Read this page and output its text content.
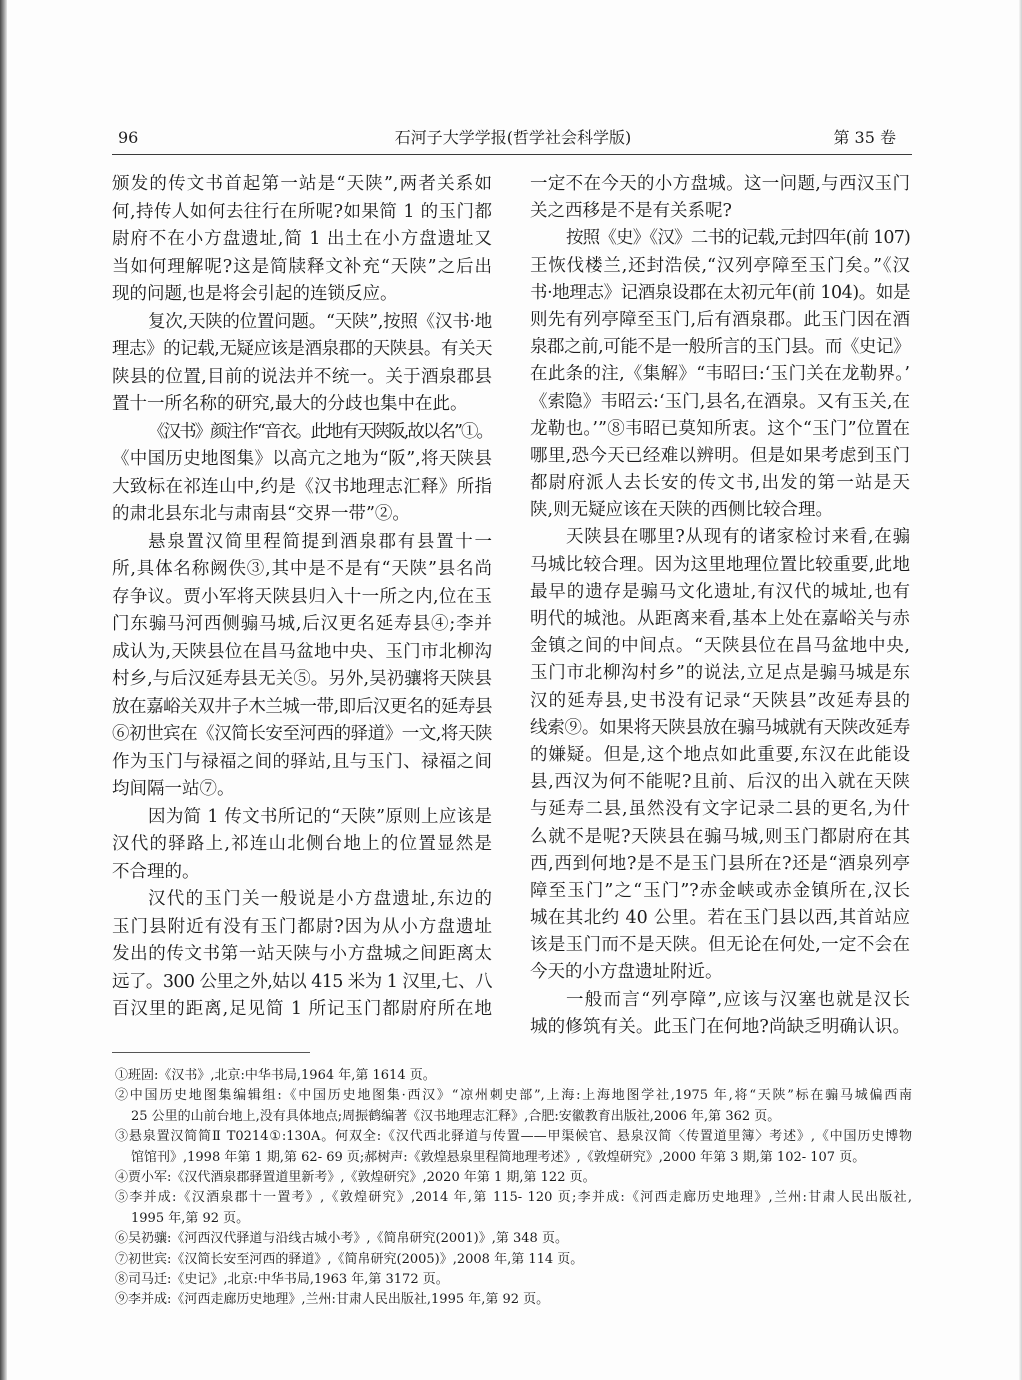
96	石河子大学学报(哲学社会科学版)	第 35 卷
颁发的传文书首起第一站是“天陕”,两者关系如
何,持传人如何去往行在所呢?如果简 1 的玉门都
尉府不在小方盘遗址,简 1 出土在小方盘遗址又
当如何理解呢?这是简牍释文补充“天陕”之后出
现的问题,也是将会引起的连锁反应。
复次,天陕的位置问题。“天陕”,按照《汉书·地
理志》的记载,无疑应该是酒泉郡的天陕县。有关天
陕县的位置,目前的说法并不统一。关于酒泉郡县
置十一所名称的研究,最大的分歧也集中在此。
《汉书》颜注作“音衣。此地有天陕阪,故以名”①。
《中国历史地图集》以高亢之地为“阪”,将天陕县
大致标在祁连山中,约是《汉书地理志汇释》所指
的肃北县东北与肃南县“交界一带”②。
悬泉置汉简里程简提到酒泉郡有县置十一
所,具体名称阙佚③,其中是不是有“天陕”县名尚
存争议。贾小军将天陕县归入十一所之内,位在玉
门东骟马河西侧骟马城,后汉更名延寿县④;李并
成认为,天陕县位在昌马盆地中央、玉门市北柳沟
村乡,与后汉延寿县无关⑤。另外,吴礽骧将天陕县
放在嘉峪关双井子木兰城一带,即后汉更名的延寿县
⑥初世宾在《汉简长安至河西的驿道》一文,将天陕
作为玉门与禄福之间的驿站,且与玉门、禄福之间
均间隔一站⑦。
因为简 1 传文书所记的“天陕”原则上应该是
汉代的驿路上,祁连山北侧台地上的位置显然是
不合理的。
汉代的玉门关一般说是小方盘遗址,东边的
玉门县附近有没有玉门都尉?因为从小方盘遗址
发出的传文书第一站天陕与小方盘城之间距离太
远了。300 公里之外,姑以 415 米为 1 汉里,七、八
百汉里的距离,足见简 1 所记玉门都尉府所在地
一定不在今天的小方盘城。这一问题,与西汉玉门
关之西移是不是有关系呢?
按照《史》《汉》二书的记载,元封四年(前 107)
王恢伐楼兰,还封浩侯,“汉列亭障至玉门矣。”《汉
书·地理志》记酒泉设郡在太初元年(前 104)。如是
则先有列亭障至玉门,后有酒泉郡。此玉门因在酒
泉郡之前,可能不是一般所言的玉门县。而《史记》
在此条的注,《集解》“韦昭曰:‘玉门关在龙勒界。’
《索隐》韦昭云:‘玉门,县名,在酒泉。又有玉关,在
龙勒也。’”⑧韦昭已莫知所衷。这个“玉门”位置在
哪里,恐今天已经难以辨明。但是如果考虑到玉门
都尉府派人去长安的传文书,出发的第一站是天
陕,则无疑应该在天陕的西侧比较合理。
天陕县在哪里?从现有的诸家检讨来看,在骟
马城比较合理。因为这里地理位置比较重要,此地
最早的遗存是骟马文化遗址,有汉代的城址,也有
明代的城池。从距离来看,基本上处在嘉峪关与赤
金镇之间的中间点。“天陕县位在昌马盆地中央,
玉门市北柳沟村乡”的说法,立足点是骟马城是东
汉的延寿县,史书没有记录“天陕县”改延寿县的
线索⑨。如果将天陕县放在骟马城就有天陕改延寿
的嫌疑。但是,这个地点如此重要,东汉在此能设
县,西汉为何不能呢?且前、后汉的出入就在天陕
与延寿二县,虽然没有文字记录二县的更名,为什
么就不是呢?天陕县在骟马城,则玉门都尉府在其
西,西到何地?是不是玉门县所在?还是“酒泉列亭
障至玉门”之“玉门”?赤金峡或赤金镇所在,汉长
城在其北约 40 公里。若在玉门县以西,其首站应
该是玉门而不是天陕。但无论在何处,一定不会在
今天的小方盘遗址附近。
一般而言“列亭障”,应该与汉塞也就是汉长
城的修筑有关。此玉门在何地?尚缺乏明确认识。
①班固:《汉书》,北京:中华书局,1964 年,第 1614 页。
②中国历史地图集编辑组:《中国历史地图集·西汉》“凉州刺史部”,上海:上海地图学社,1975 年,将“天陕”标在骟马城偏西南
25 公里的山前台地上,没有具体地点;周振鹤编著《汉书地理志汇释》,合肥:安徽教育出版社,2006 年,第 362 页。
③悬泉置汉简简Ⅱ T0214①:130A。何双全:《汉代西北驿道与传置——甲渠候官、悬泉汉简〈传置道里簿〉考述》,《中国历史博物
馆馆刊》,1998 年第 1 期,第 62- 69 页;郝树声:《敦煌悬泉里程简地理考述》,《敦煌研究》,2000 年第 3 期,第 102- 107 页。
④贾小军:《汉代酒泉郡驿置道里新考》,《敦煌研究》,2020 年第 1 期,第 122 页。
⑤李并成:《汉酒泉郡十一置考》,《敦煌研究》,2014 年,第 115- 120 页;李并成:《河西走廊历史地理》,兰州:甘肃人民出版社,
1995 年,第 92 页。
⑥吴礽骧:《河西汉代驿道与沿线古城小考》,《简帛研究(2001)》,第 348 页。
⑦初世宾:《汉简长安至河西的驿道》,《简帛研究(2005)》,2008 年,第 114 页。
⑧司马迁:《史记》,北京:中华书局,1963 年,第 3172 页。
⑨李并成:《河西走廊历史地理》,兰州:甘肃人民出版社,1995 年,第 92 页。
